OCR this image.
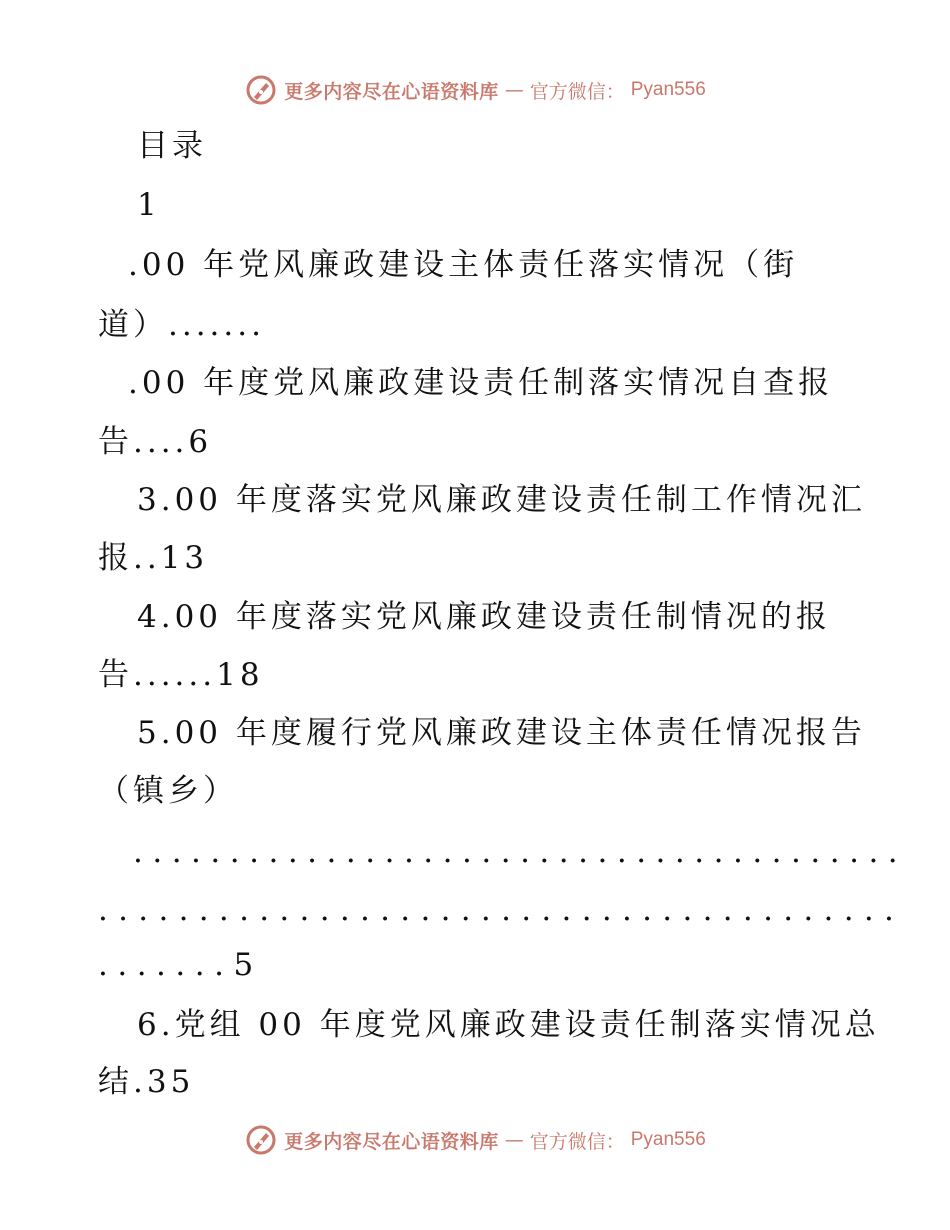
更多内容尽在心语资料库 — 官方微信： Pyan556
目录
1
.00 年党风廉政建设主体责任落实情况（街
道）.......
.00 年度党风廉政建设责任制落实情况自查报
告....6
3.00 年度落实党风廉政建设责任制工作情况汇
报..13
4.00 年度落实党风廉政建设责任制情况的报
告......18
5.00 年度履行党风廉政建设主体责任情况报告
（镇乡）
........................................
........................................
.......5
6.党组 00 年度党风廉政建设责任制落实情况总
结.35
更多内容尽在心语资料库 — 官方微信： Pyan556
